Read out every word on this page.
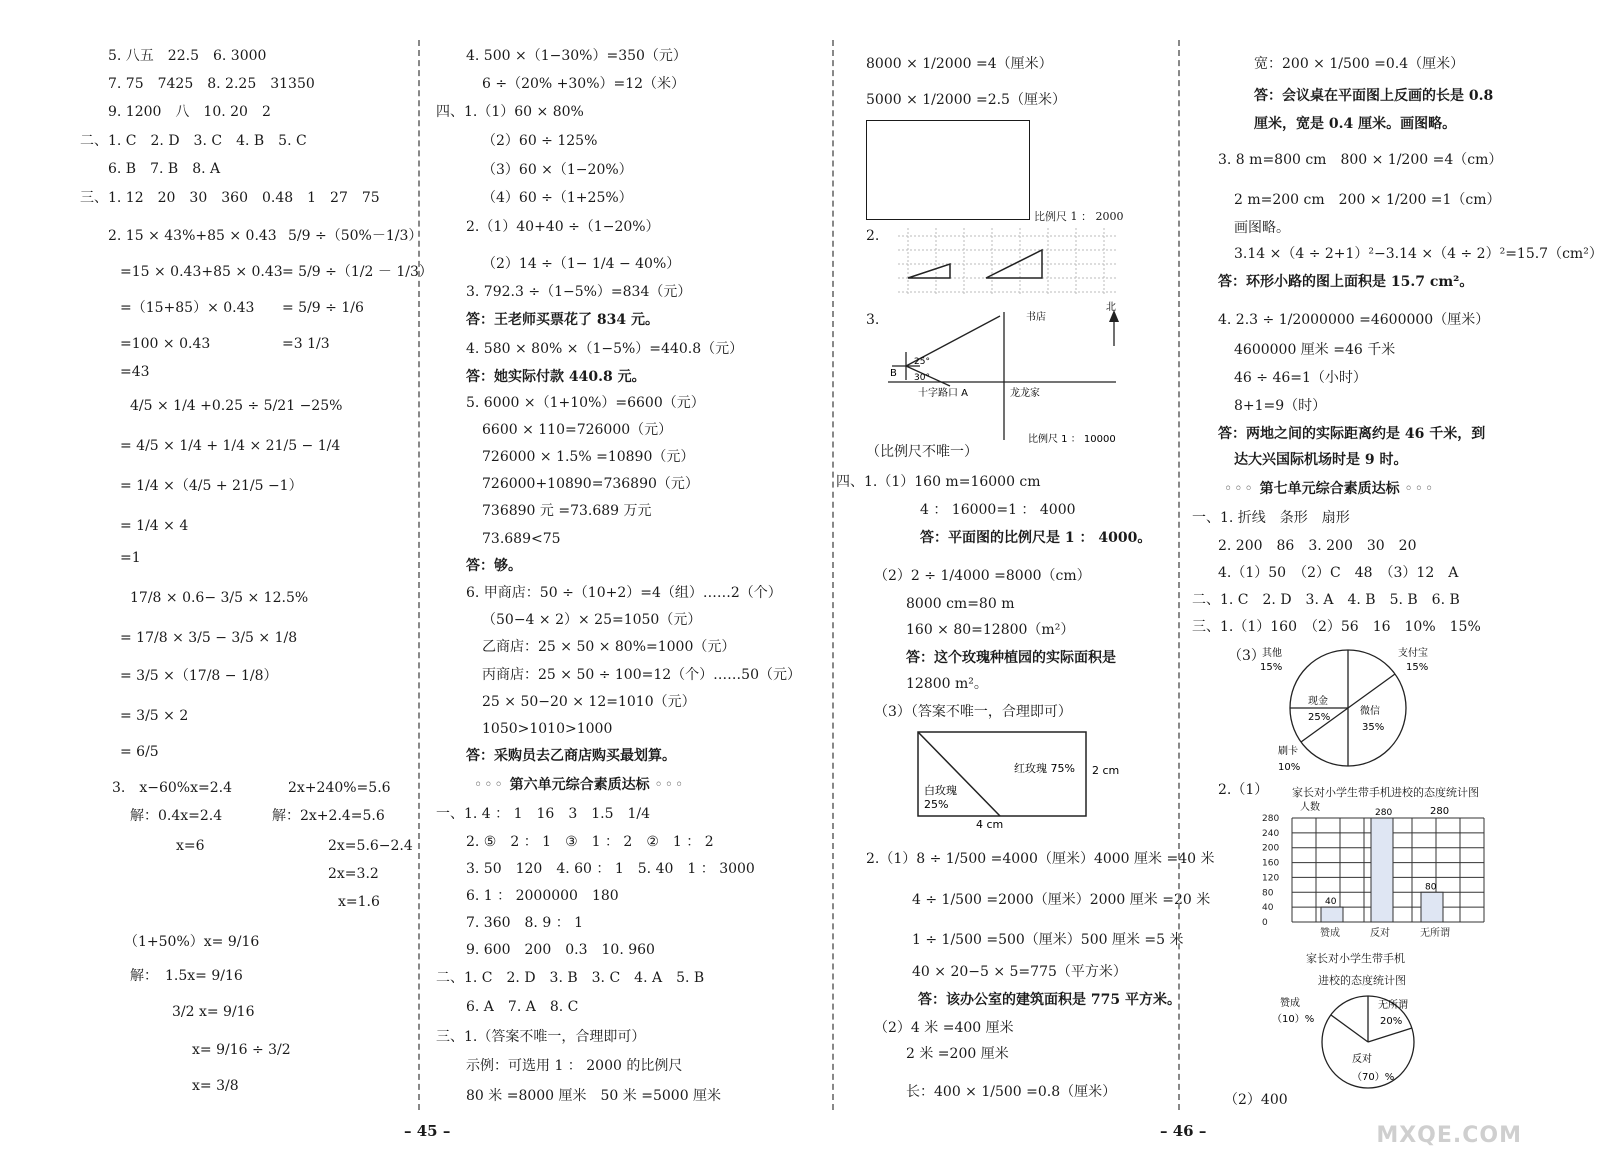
5. 八五　22.5　6. 3000
7. 75　7425　8. 2.25　31350
9. 1200　八　10. 20　2
二、1. C　2. D　3. C　4. B　5. C
6. B　7. B　8. A
三、1. 12　20　30　360　0.48　1　27　75
2. 15 × 43%+85 × 0.43
=15 × 0.43+85 × 0.43
=（15+85）× 0.43
=100 × 0.43
=43
5/9 ÷（50%－1/3）
= 5/9 ÷（1/2 － 1/3）
= 5/9 ÷ 1/6
=3 1/3
4/5 × 1/4 +0.25 ÷ 5/21 −25%
= 4/5 × 1/4 + 1/4 × 21/5 − 1/4
= 1/4 ×（4/5 + 21/5 −1）
= 1/4 × 4
=1
17/8 × 0.6− 3/5 × 12.5%
= 17/8 × 3/5 − 3/5 × 1/8
= 3/5 ×（17/8 − 1/8）
= 3/5 × 2
= 6/5
3.　x−60%x=2.4
解：0.4x=2.4
x=6
2x+240%=5.6
解：2x+2.4=5.6
2x=5.6−2.4
2x=3.2
x=1.6
（1+50%）x= 9/16
解：　1.5x= 9/16
3/2 x= 9/16
x= 9/16 ÷ 3/2
x= 3/8
4. 500 ×（1−30%）=350（元）
6 ÷（20% +30%）=12（米）
四、1.（1）60 × 80%
（2）60 ÷ 125%
（3）60 ×（1−20%）
（4）60 ÷（1+25%）
2.（1）40+40 ÷（1−20%）
（2）14 ÷（1− 1/4 − 40%）
3. 792.3 ÷（1−5%）=834（元）
答：王老师买票花了 834 元。
4. 580 × 80% ×（1−5%）=440.8（元）
答：她实际付款 440.8 元。
5. 6000 ×（1+10%）=6600（元）
6600 × 110=726000（元）
726000 × 1.5% =10890（元）
726000+10890=736890（元）
736890 元 =73.689 万元
73.689<75
答：够。
6. 甲商店：50 ÷（10+2）=4（组）……2（个）
（50−4 × 2）× 25=1050（元）
乙商店：25 × 50 × 80%=1000（元）
丙商店：25 × 50 ÷ 100=12（个）……50（元）
25 × 50−20 × 12=1010（元）
1050>1010>1000
答：采购员去乙商店购买最划算。
◦◦◦ 第六单元综合素质达标 ◦◦◦
一、1. 4 ： 1　16　3　1.5　1/4
2. ⑤　2 ： 1　③　1 ： 2　②　1 ： 2
3. 50　120　4. 60 ： 1　5. 40　1 ： 3000
6. 1 ： 2000000　180
7. 360　8. 9 ： 1
9. 600　200　0.3　10. 960
二、1. C　2. D　3. B　3. C　4. A　5. B
6. A　7. A　8. C
三、1.（答案不唯一，合理即可）
示例：可选用 1 ： 2000 的比例尺
80 米 =8000 厘米　50 米 =5000 厘米
– 45 –
8000 × 1/2000 =4（厘米）
5000 × 1/2000 =2.5（厘米）
比例尺 1 ： 2000
2.
3.	书店
北
B
25°
30°
十字路口 A	龙龙家
比例尺 1 ： 10000
（比例尺不唯一）
四、1.（1）160 m=16000 cm
4 ： 16000=1 ： 4000
答：平面图的比例尺是 1 ： 4000。
（2）2 ÷ 1/4000 =8000（cm）
8000 cm=80 m
160 × 80=12800（m²）
答：这个玫瑰种植园的实际面积是
12800 m²。
（3）（答案不唯一，合理即可）
红玫瑰 75%
白玫瑰
25%
2 cm
4 cm
2.（1）8 ÷ 1/500 =4000（厘米）4000 厘米 =40 米
4 ÷ 1/500 =2000（厘米）2000 厘米 =20 米
1 ÷ 1/500 =500（厘米）500 厘米 =5 米
40 × 20−5 × 5=775（平方米）
答：该办公室的建筑面积是 775 平方米。
（2）4 米 =400 厘米
2 米 =200 厘米
长：400 × 1/500 =0.8（厘米）
宽：200 × 1/500 =0.4（厘米）
答：会议桌在平面图上反画的长是 0.8
厘米，宽是 0.4 厘米。画图略。
3. 8 m=800 cm　800 × 1/200 =4（cm）
2 m=200 cm　200 × 1/200 =1（cm）
画图略。
3.14 ×（4 ÷ 2+1）²−3.14 ×（4 ÷ 2）²=15.7（cm²）
答：环形小路的图上面积是 15.7 cm²。
4. 2.3 ÷ 1/2000000 =4600000（厘米）
4600000 厘米 =46 千米
46 ÷ 46=1（小时）
8+1=9（时）
答：两地之间的实际距离约是 46 千米，到
达大兴国际机场时是 9 时。
◦◦◦ 第七单元综合素质达标 ◦◦◦
一、1. 折线　条形　扇形
2. 200　86　3. 200　30　20
4.（1）50　（2）C　48　（3）12　A
二、1. C　2. D　3. A　4. B　5. B　6. B
三、1.（1）160　（2）56　16　10%　15%
（3）
其他
15%
支付宝
15%
现金
25%
微信
35%
刷卡
10%
2.（1） 家长对小学生带手机进校的态度统计图
人数	280
280
240
200
160
120
80
40
0
40
280
80
赞成	反对	无所谓
家长对小学生带手机
进校的态度统计图
赞成
（10）%
无所谓
20%
反对
（70）%
（2）400
– 46 –	MXQE.COM
